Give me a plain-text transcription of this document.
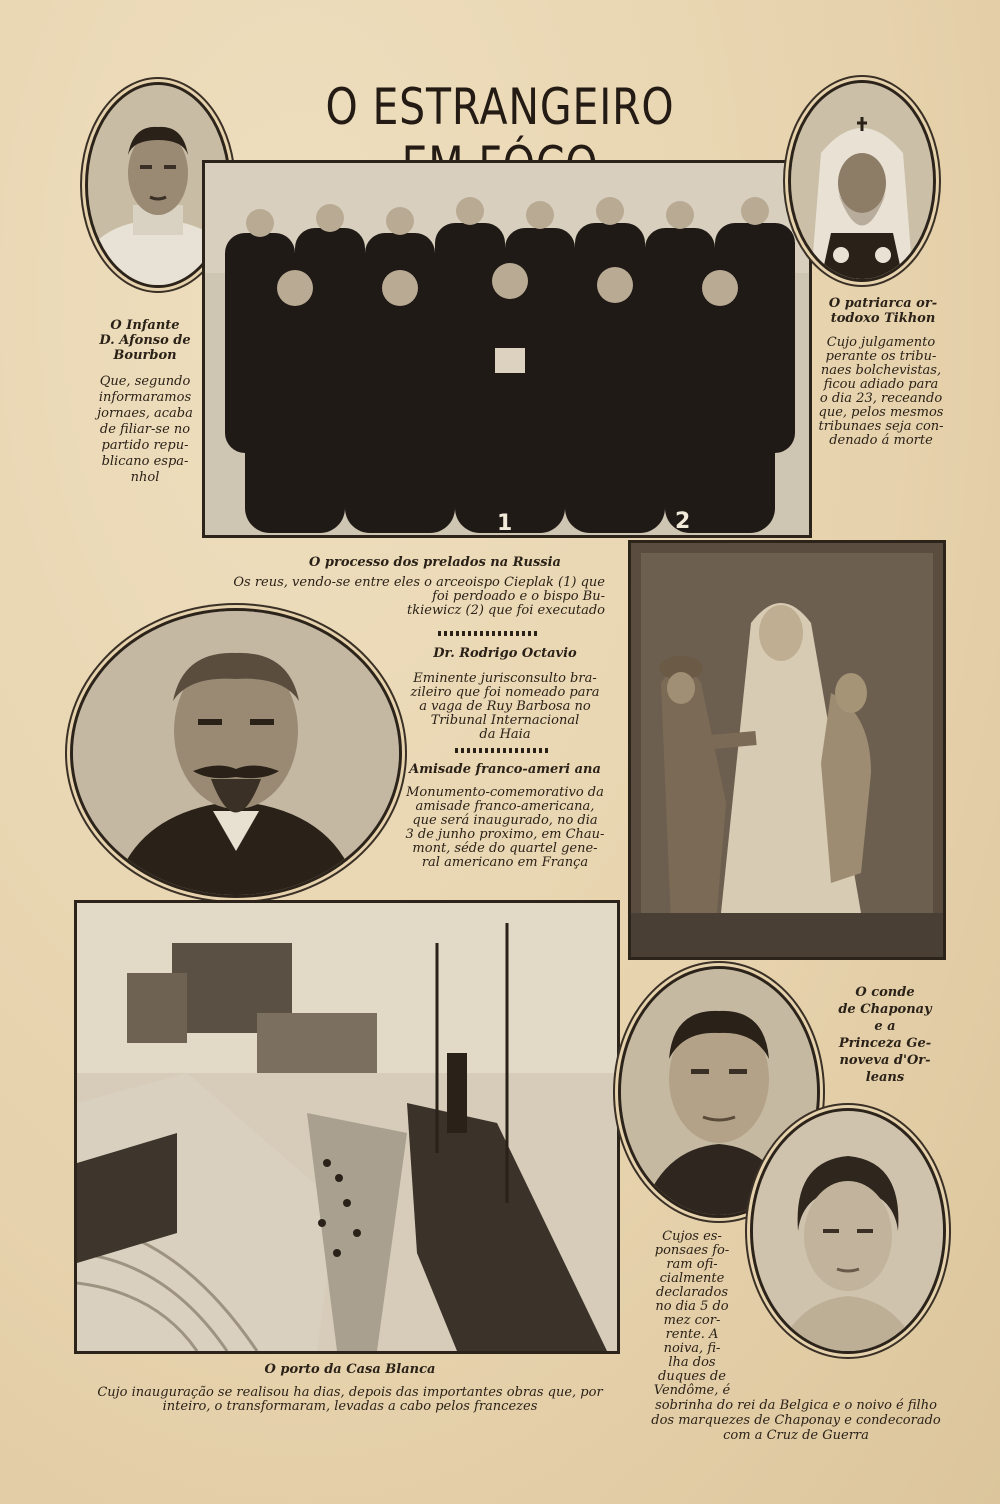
O ESTRANGEIRO
O Infante
D. Afonso de
Bourbon
Que, segundo
informaramos
jornaes, acaba
de filiar-se no
partido repu-
blicano espa-
nhol
1	2
O patriarca or-
todoxo Tikhon
Cujo julgamento
perante os tribu-
naes bolchevistas,
ficou adiado para
o dia 23, receando
que, pelos mesmos
tribunaes seja con-
denado á morte
O processo dos prelados na Russia
Os reus, vendo-se entre eles o arceoispo Cieplak (1) que
foi perdoado e o bispo Bu-
tkiewicz (2) que foi executado
Dr. Rodrigo Octavio
Eminente jurisconsulto bra-
zileiro que foi nomeado para
a vaga de Ruy Barbosa no
Tribunal Internacional
da Haia
Amisade franco-ameri ana
Monumento-comemorativo da
amisade franco-americana,
que será inaugurado, no dia
3 de junho proximo, em Chau-
mont, séde do quartel gene-
ral americano em França
O porto da Casa Blanca
Cujo inauguração se realisou ha dias, depois das importantes obras que, por
inteiro, o transformaram, levadas a cabo pelos francezes
O conde
de Chaponay
e a
Princeza Ge-
noveva d'Or-
leans
Cujos es-
ponsaes fo-
ram ofi-
cialmente
declarados
no dia 5 do
mez cor-
rente. A
noiva, fi-
lha dos
duques de
Vendôme, é
sobrinha do rei da Belgica e o noivo é filho
dos marquezes de Chaponay e condecorado
com a Cruz de Guerra
